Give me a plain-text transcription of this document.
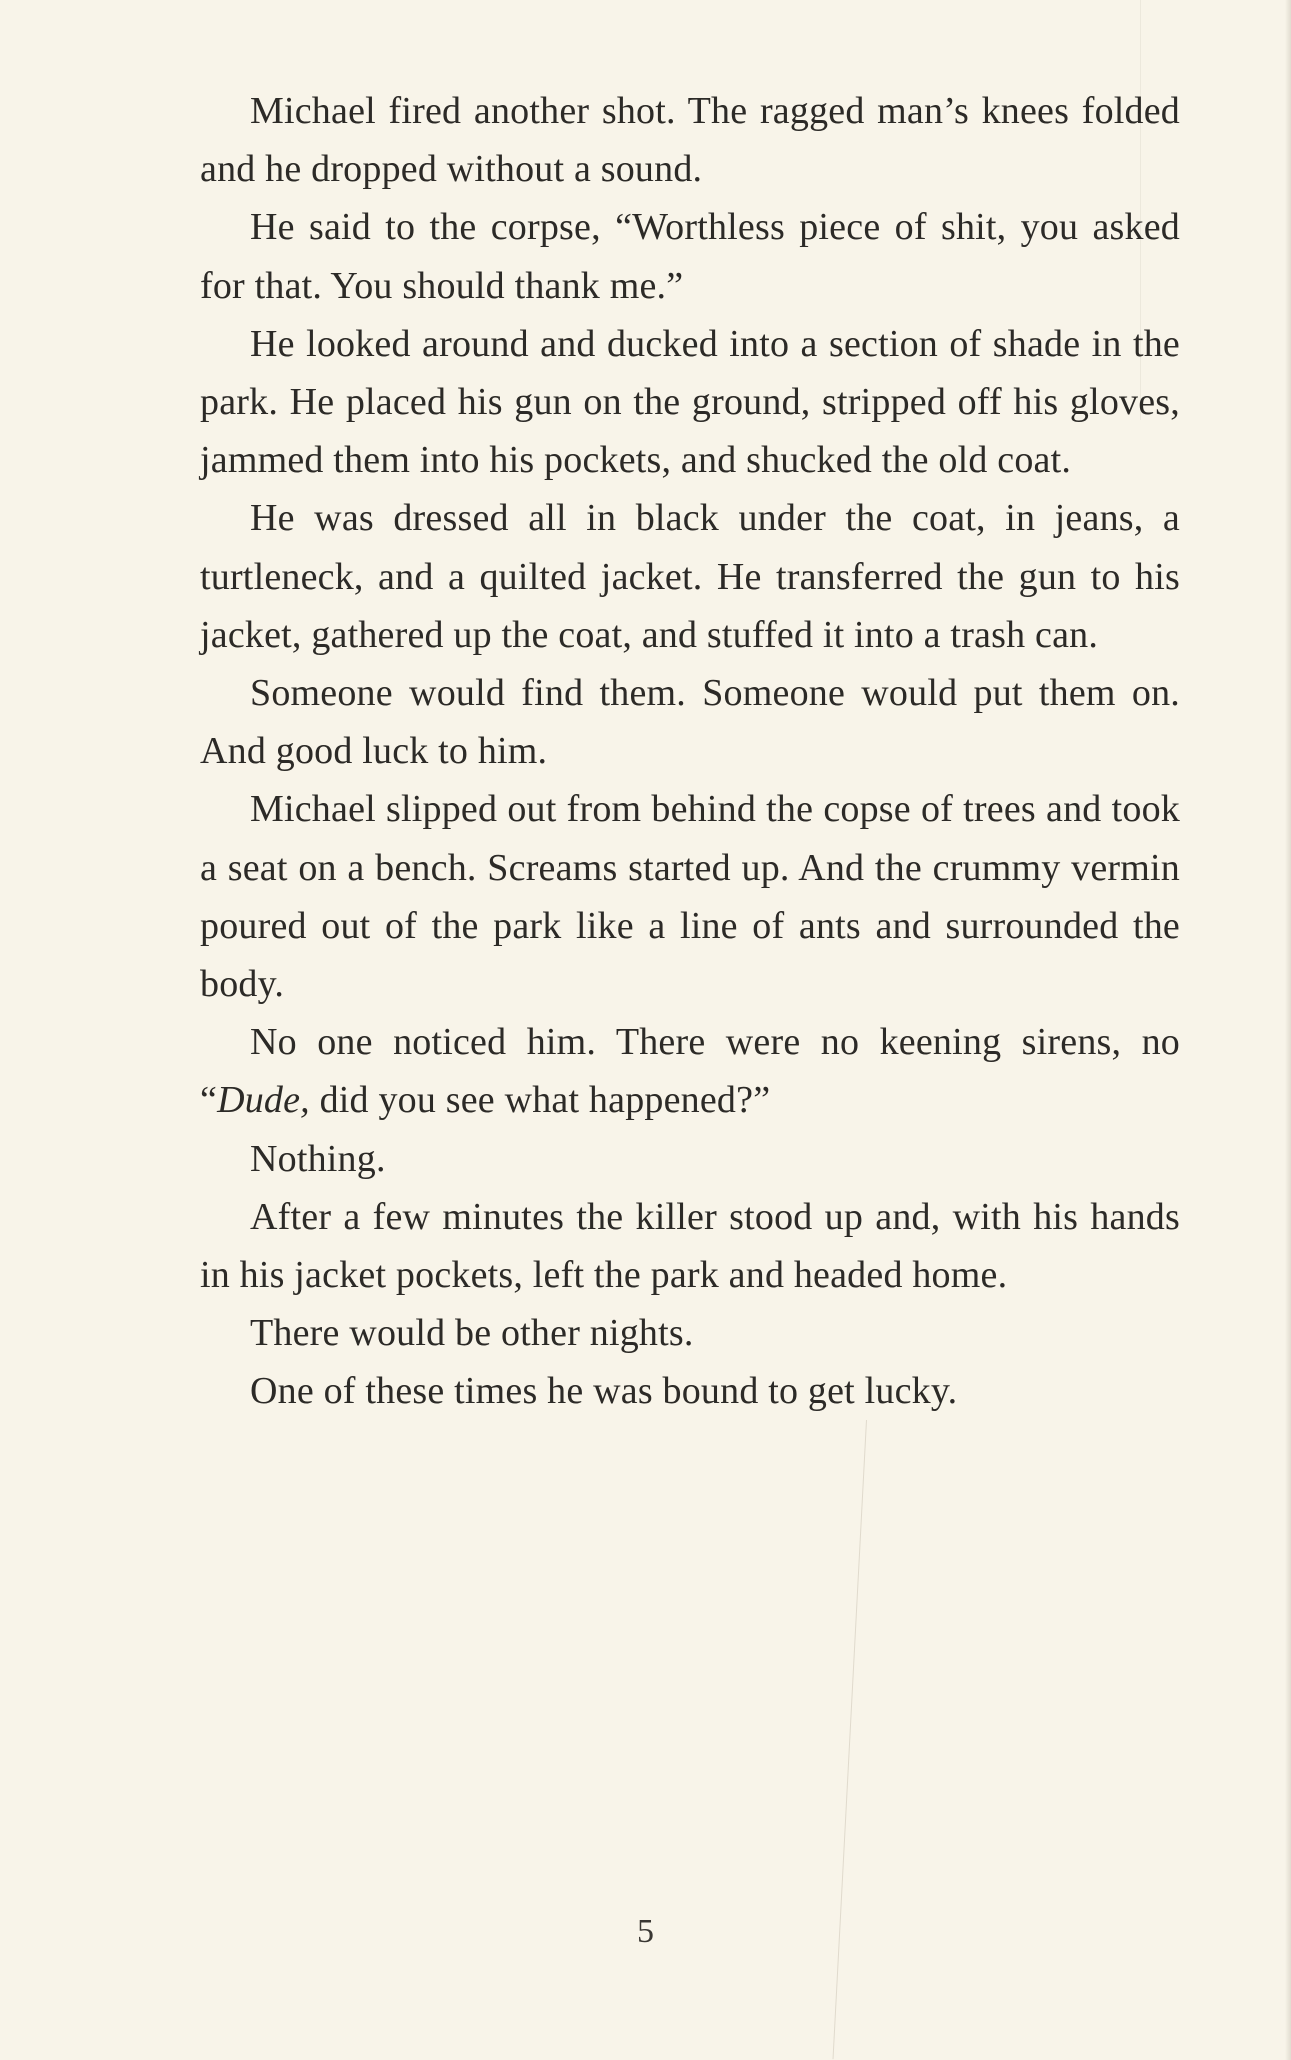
Michael fired another shot. The ragged man’s knees folded and he dropped without a sound.

He said to the corpse, “Worthless piece of shit, you asked for that. You should thank me.”

He looked around and ducked into a section of shade in the park. He placed his gun on the ground, stripped off his gloves, jammed them into his pockets, and shucked the old coat.

He was dressed all in black under the coat, in jeans, a turtleneck, and a quilted jacket. He transferred the gun to his jacket, gathered up the coat, and stuffed it into a trash can.

Someone would find them. Someone would put them on. And good luck to him.

Michael slipped out from behind the copse of trees and took a seat on a bench. Screams started up. And the crummy vermin poured out of the park like a line of ants and surrounded the body.

No one noticed him. There were no keening sirens, no “Dude, did you see what happened?”

Nothing.

After a few minutes the killer stood up and, with his hands in his jacket pockets, left the park and headed home.

There would be other nights.

One of these times he was bound to get lucky.

5
